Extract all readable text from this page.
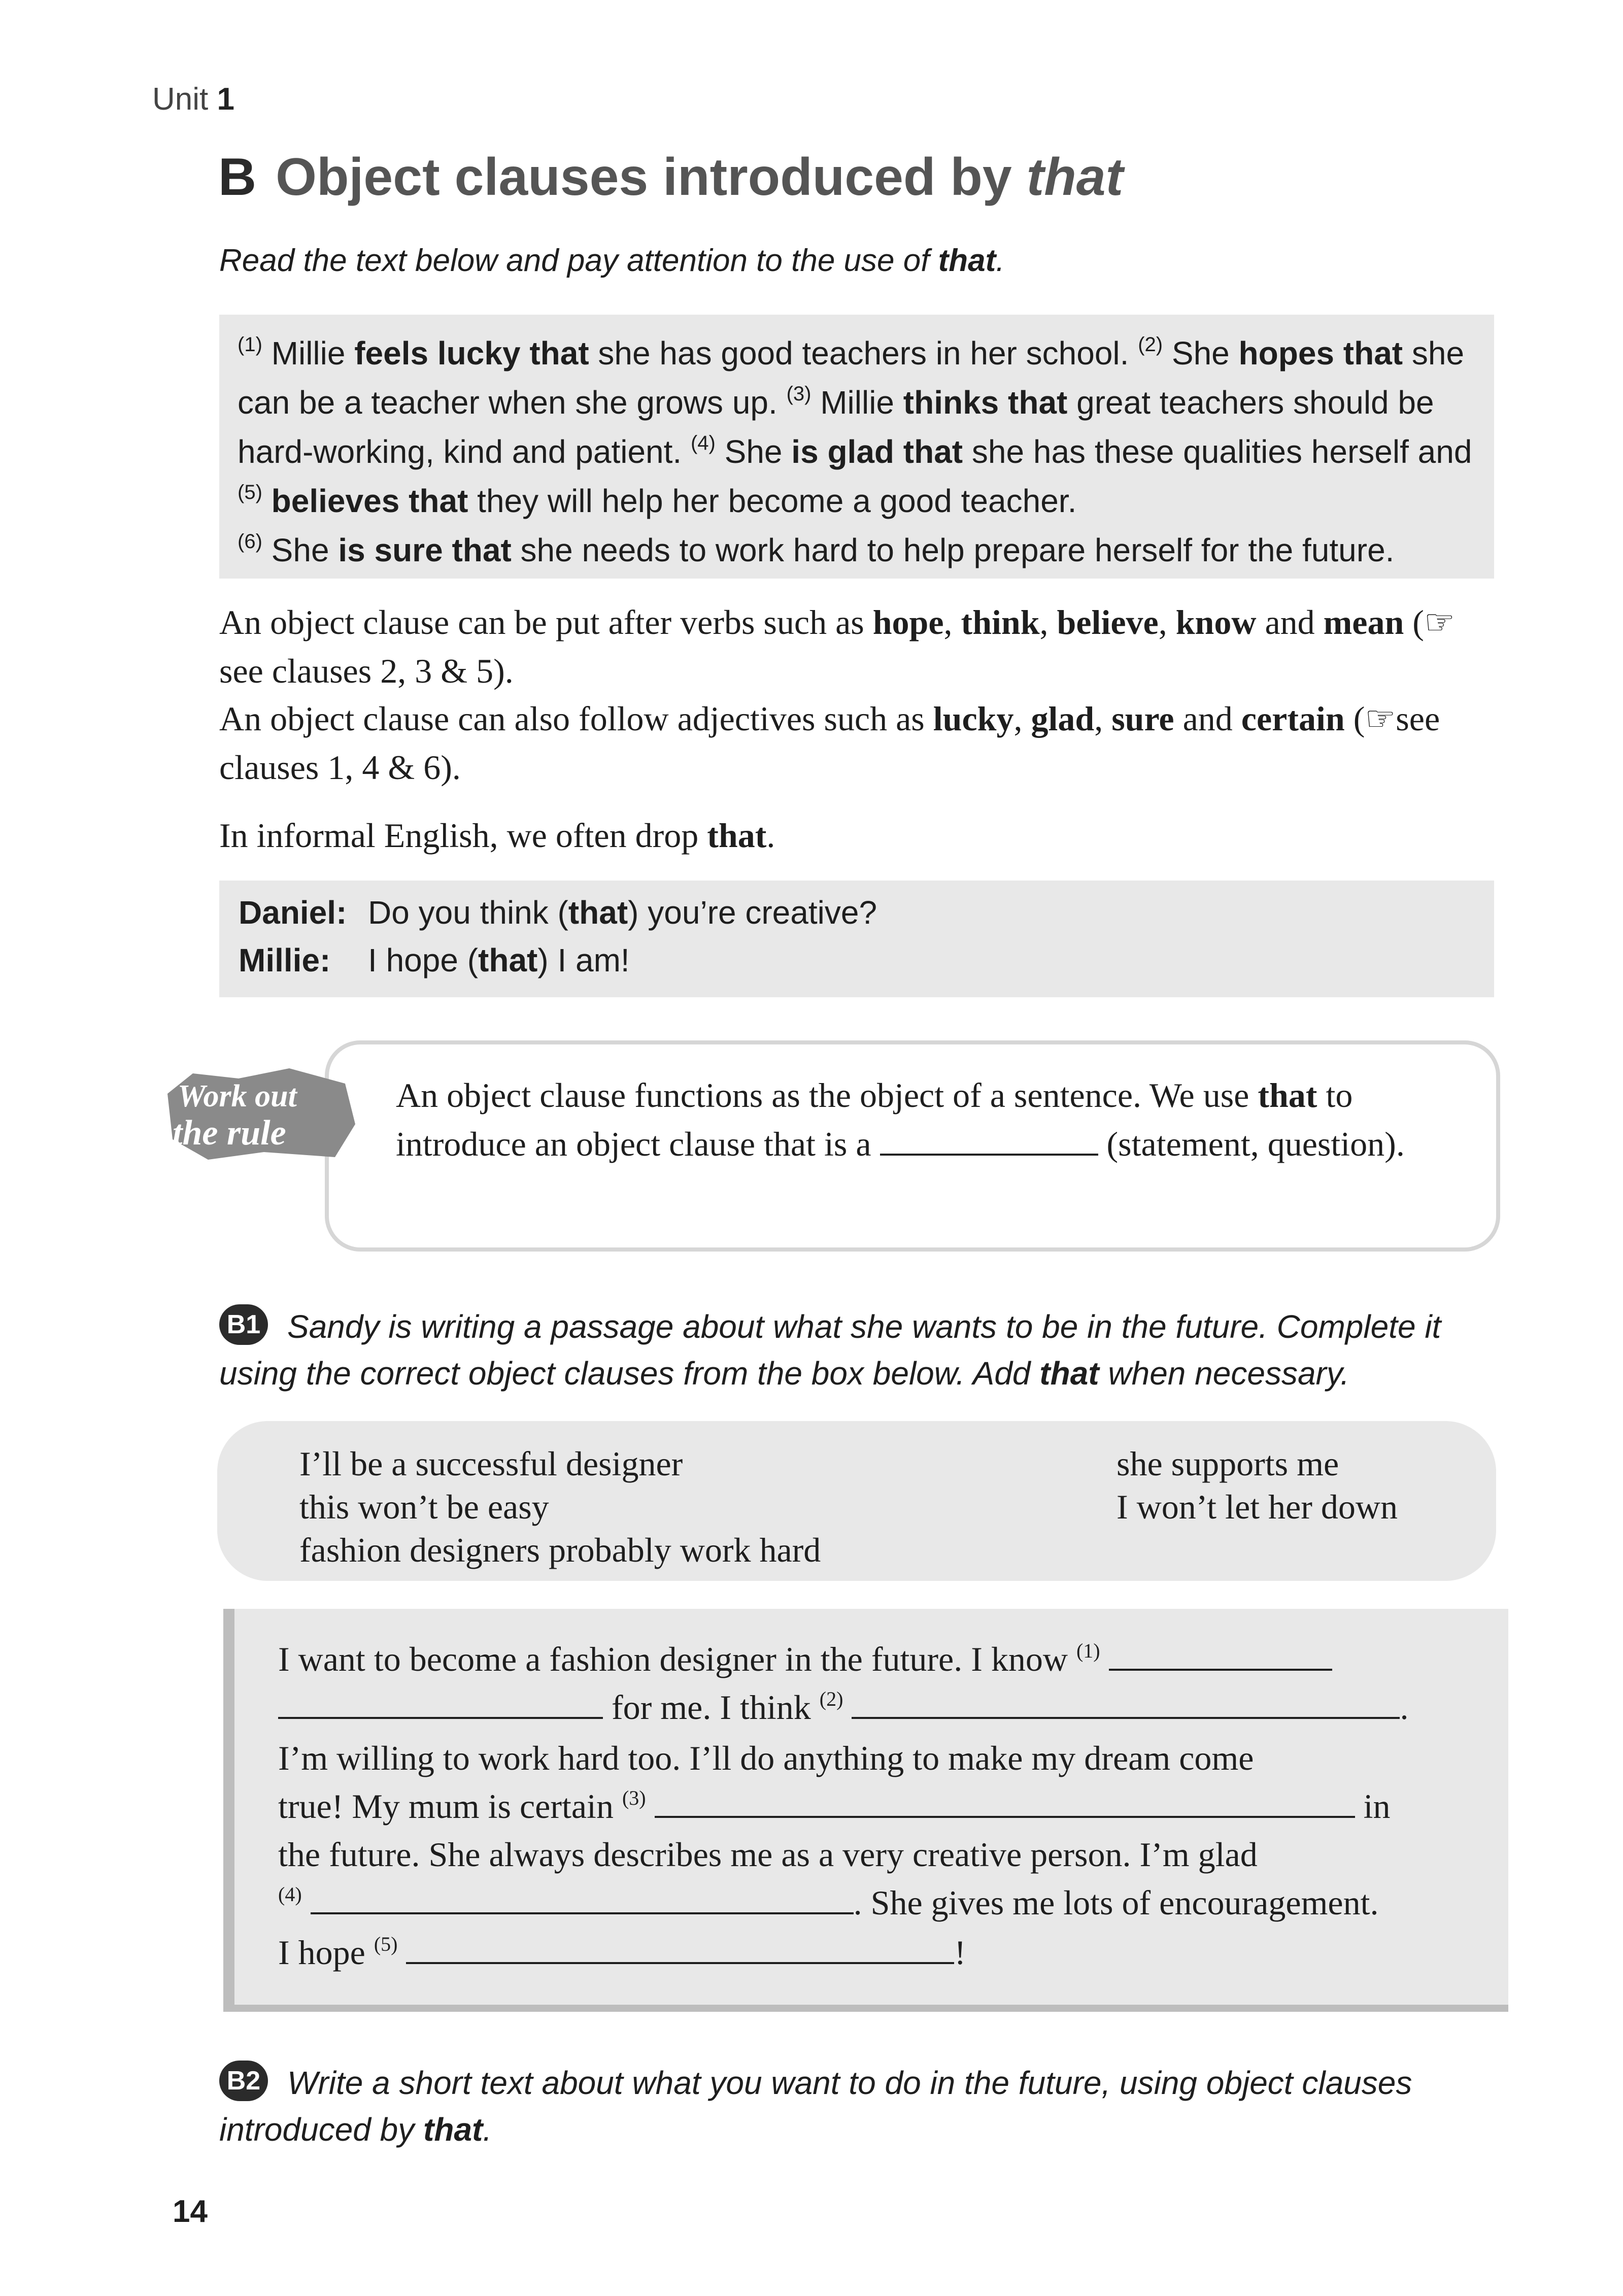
Unit 1
B Object clauses introduced by that
Read the text below and pay attention to the use of that.

$^{(1)}$ Millie feels lucky that she has good teachers in her school. $^{(2)}$ She hopes that she can be a teacher when she grows up. $^{(3)}$ Millie thinks that great teachers should be hard-working, kind and patient. $^{(4)}$ She is glad that she has these qualities herself and $^{(5)}$ believes that they will help her become a good teacher.
$^{(6)}$ She is sure that she needs to work hard to help prepare herself for the future.

An object clause can be put after verbs such as hope, think, believe, know and mean (☞see clauses 2, 3 & 5).
An object clause can also follow adjectives such as lucky, glad, sure and certain (☞see clauses 1, 4 & 6).
In informal English, we often drop that.
Daniel: Do you think (that) you’re creative?
Millie: I hope (that) I am!
Work out
the rule
An object clause functions as the object of a sentence. We use that to introduce an object clause that is a	(statement, question).
Sandy is writing a passage about what she wants to be in the future. Complete it using the correct object clauses from the box below. Add that when necessary.
B1
I’ll be a successful designer
this won’t be easy
fashion designers probably work hard
she supports me
I won’t let her down
I want to become a fashion designer in the future. I know $^{(1)}$
for me. I think $^{(2)}$	.
I’m willing to work hard too. I’ll do anything to make my dream come
true! My mum is certain $^{(3)}$	in
the future. She always describes me as a very creative person. I’m glad
$^{(4)}$	. She gives me lots of encouragement.
I hope $^{(5)}$	!
Write a short text about what you want to do in the future, using object clauses introduced by that.
B2
14
